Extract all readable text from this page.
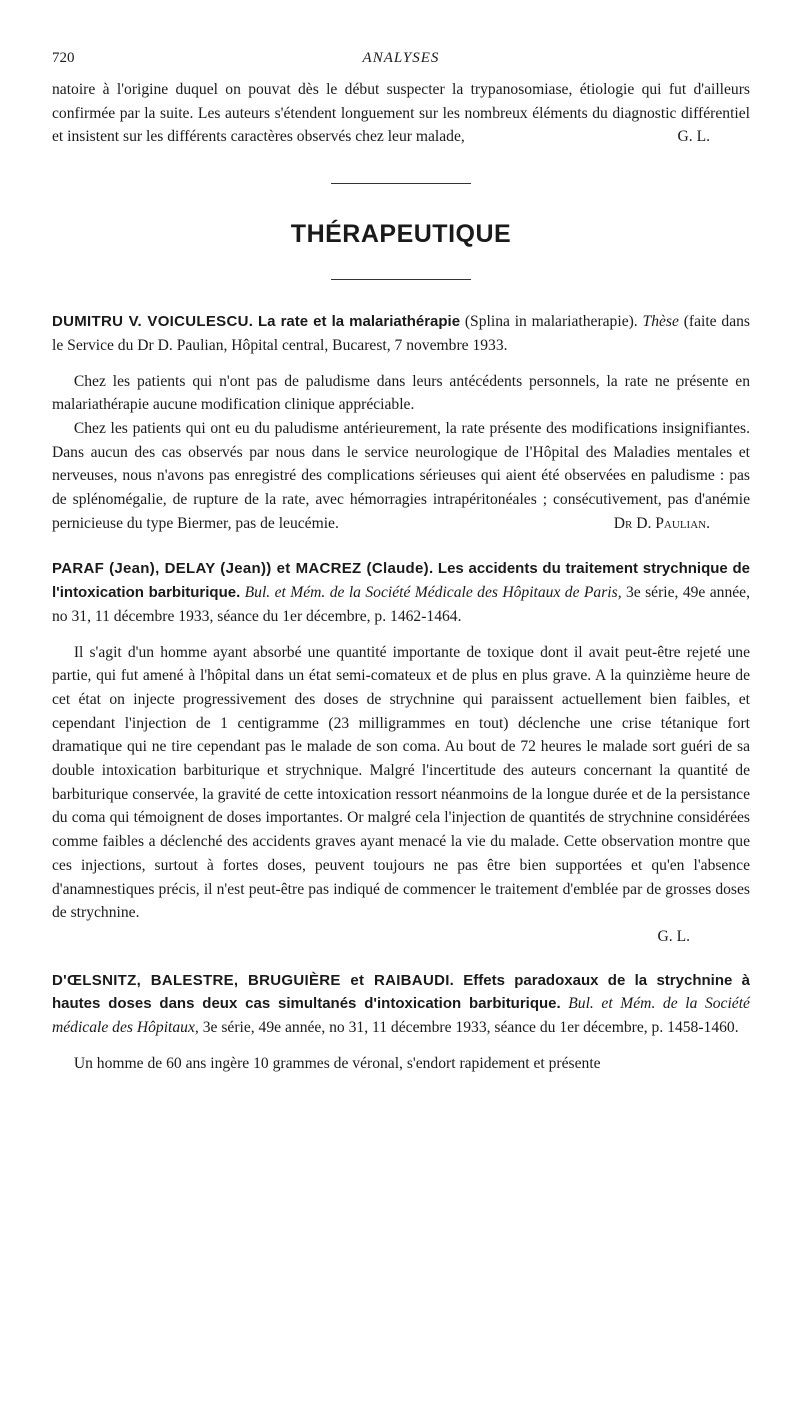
720	ANALYSES

natoire à l'origine duquel on pouvat dès le début suspecter la trypanosomiase, étiologie qui fut d'ailleurs confirmée par la suite. Les auteurs s'étendent longuement sur les nombreux éléments du diagnostic différentiel et insistent sur les différents caractères observés chez leur malade,	G. L.

THÉRAPEUTIQUE

DUMITRU V. VOICULESCU. La rate et la malariathérapie (Splina in malariatherapie). Thèse (faite dans le Service du Dr D. Paulian, Hôpital central, Bucarest, 7 novembre 1933.

Chez les patients qui n'ont pas de paludisme dans leurs antécédents personnels, la rate ne présente en malariathérapie aucune modification clinique appréciable.

Chez les patients qui ont eu du paludisme antérieurement, la rate présente des modifications insignifiantes. Dans aucun des cas observés par nous dans le service neurologique de l'Hôpital des Maladies mentales et nerveuses, nous n'avons pas enregistré des complications sérieuses qui aient été observées en paludisme : pas de splénomégalie, de rupture de la rate, avec hémorragies intrapéritonéales ; consécutivement, pas d'anémie pernicieuse du type Biermer, pas de leucémie.	Dr D. Paulian.

PARAF (Jean), DELAY (Jean)) et MACREZ (Claude). Les accidents du traitement strychnique de l'intoxication barbiturique. Bul. et Mém. de la Société Médicale des Hôpitaux de Paris, 3e série, 49e année, no 31, 11 décembre 1933, séance du 1er décembre, p. 1462-1464.

Il s'agit d'un homme ayant absorbé une quantité importante de toxique dont il avait peut-être rejeté une partie, qui fut amené à l'hôpital dans un état semi-comateux et de plus en plus grave. A la quinzième heure de cet état on injecte progressivement des doses de strychnine qui paraissent actuellement bien faibles, et cependant l'injection de 1 centigramme (23 milligrammes en tout) déclenche une crise tétanique fort dramatique qui ne tire cependant pas le malade de son coma. Au bout de 72 heures le malade sort guéri de sa double intoxication barbiturique et strychnique. Malgré l'incertitude des auteurs concernant la quantité de barbiturique conservée, la gravité de cette intoxication ressort néanmoins de la longue durée et de la persistance du coma qui témoignent de doses importantes. Or malgré cela l'injection de quantités de strychnine considérées comme faibles a déclenché des accidents graves ayant menacé la vie du malade. Cette observation montre que ces injections, surtout à fortes doses, peuvent toujours ne pas être bien supportées et qu'en l'absence d'anamnestiques précis, il n'est peut-être pas indiqué de commencer le traitement d'emblée par de grosses doses de strychnine.

G. L.

D'ŒLSNITZ, BALESTRE, BRUGUIÈRE et RAIBAUDI. Effets paradoxaux de la strychnine à hautes doses dans deux cas simultanés d'intoxication barbiturique. Bul. et Mém. de la Société médicale des Hôpitaux, 3e série, 49e année, no 31, 11 décembre 1933, séance du 1er décembre, p. 1458-1460.

Un homme de 60 ans ingère 10 grammes de véronal, s'endort rapidement et présente
